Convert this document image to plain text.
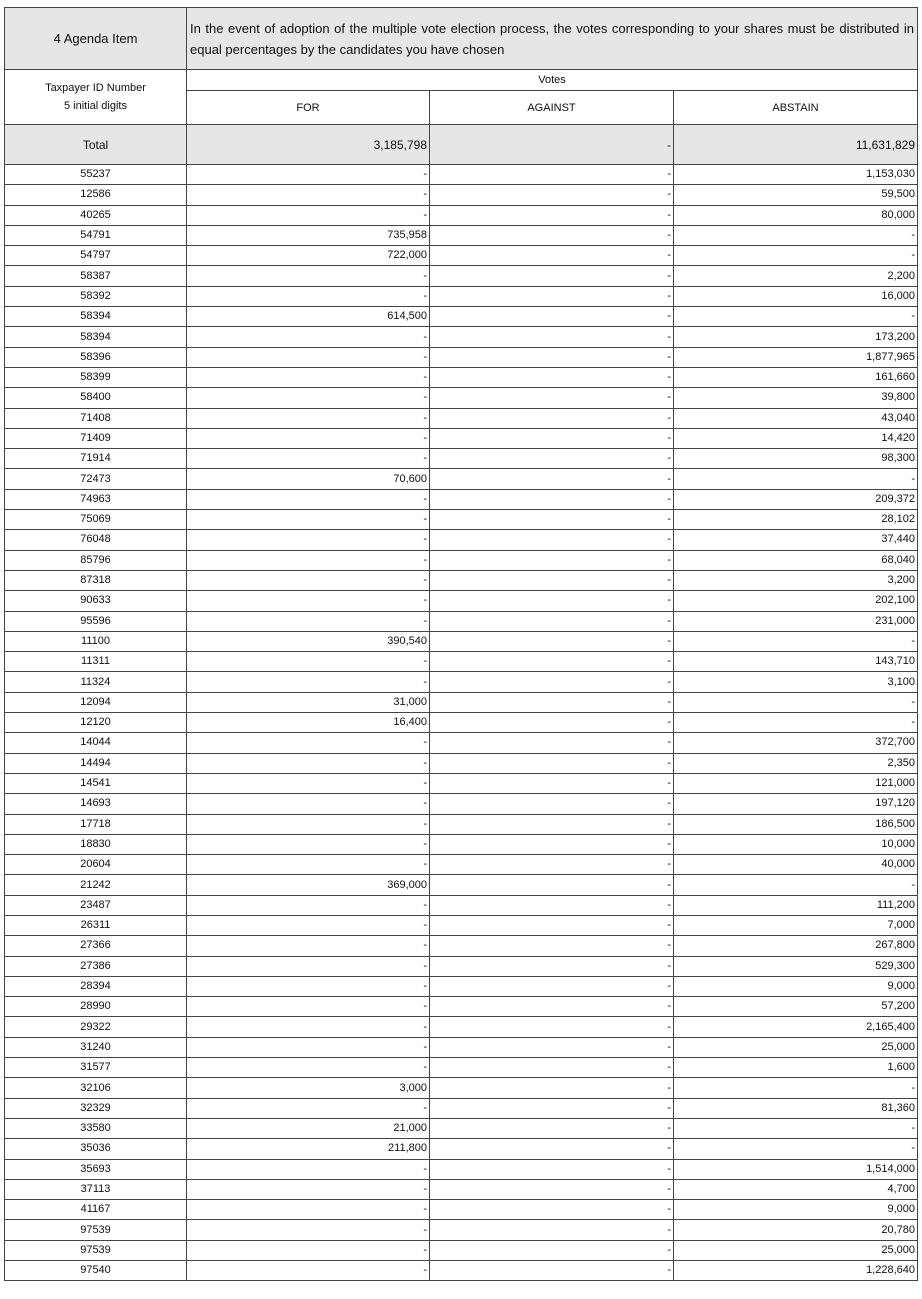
4 Agenda Item	In the event of adoption of the multiple vote election process, the votes corresponding to your shares must be distributed in equal percentages by the candidates you have chosen		

Taxpayer ID Number
5 initial digits	Votes		
	FOR	AGAINST	ABSTAIN
Total	3,185,798	-	11,631,829
55237	-	-	1,153,030
12586	-	-	59,500
40265	-	-	80,000
54791	735,958	-	-
54797	722,000	-	-
58387	-	-	2,200
58392	-	-	16,000
58394	614,500	-	-
58394	-	-	173,200
58396	-	-	1,877,965
58399	-	-	161,660
58400	-	-	39,800
71408	-	-	43,040
71409	-	-	14,420
71914	-	-	98,300
72473	70,600	-	-
74963	-	-	209,372
75069	-	-	28,102
76048	-	-	37,440
85796	-	-	68,040
87318	-	-	3,200
90633	-	-	202,100
95596	-	-	231,000
11100	390,540	-	-
11311	-	-	143,710
11324	-	-	3,100
12094	31,000	-	-
12120	16,400	-	-
14044	-	-	372,700
14494	-	-	2,350
14541	-	-	121,000
14693	-	-	197,120
17718	-	-	186,500
18830	-	-	10,000
20604	-	-	40,000
21242	369,000	-	-
23487	-	-	111,200
26311	-	-	7,000
27366	-	-	267,800
27386	-	-	529,300
28394	-	-	9,000
28990	-	-	57,200
29322	-	-	2,165,400
31240	-	-	25,000
31577	-	-	1,600
32106	3,000	-	-
32329	-	-	81,360
33580	21,000	-	-
35036	211,800	-	-
35693	-	-	1,514,000
37113	-	-	4,700
41167	-	-	9,000
97539	-	-	20,780
97539	-	-	25,000
97540	-	-	1,228,640
